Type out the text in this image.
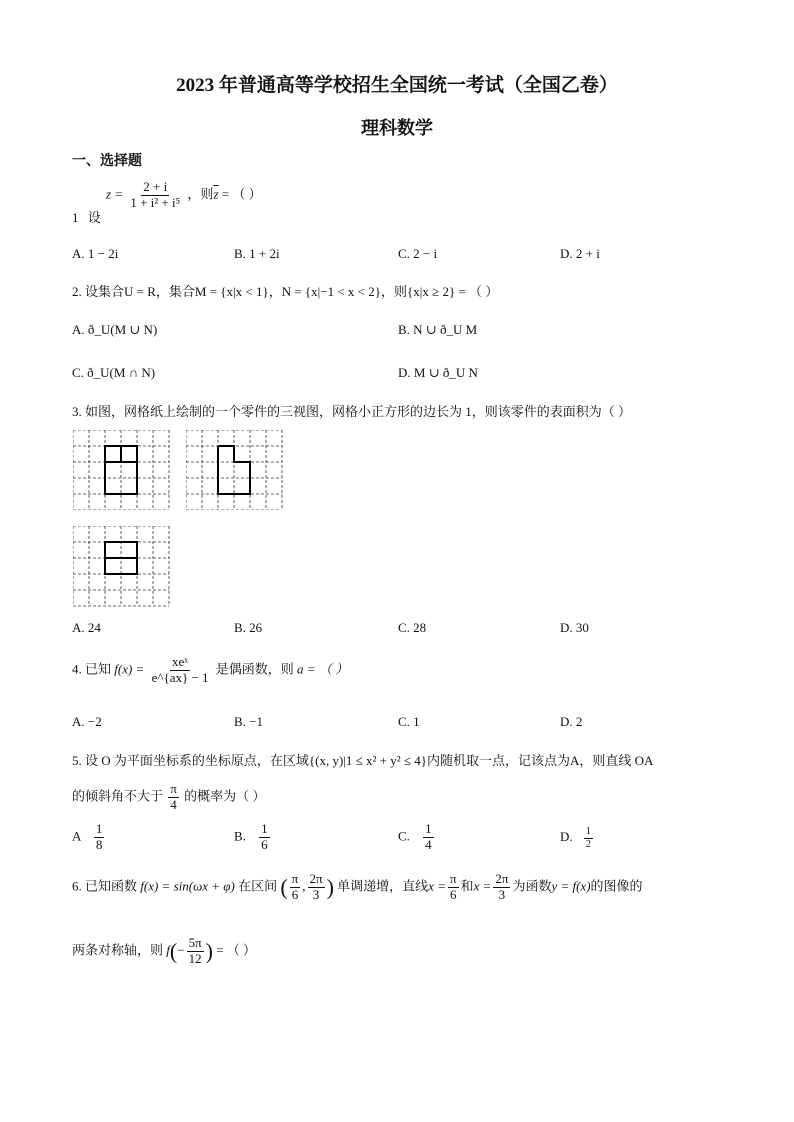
2023 年普通高等学校招生全国统一考试（全国乙卷）
理科数学
一、选择题
1 设
$z = \frac{2 + i}{\text{1 + i² + i⁵}}$ ，则$\overline{z}$ = （ ）
A. 1 − 2i	B. 1 + 2i	C. 2 − i	D. 2 + i
2. 设集合U = R，集合M = {x|x < 1}，N = {x|−1 < x < 2}，则{x|x ≥ 2} = （ ）
A. ð_U(M ∪ N)	B. N ∪ ð_U M
C. ð_U(M ∩ N)	D. M ∪ ð_U N
3. 如图，网格纸上绘制的一个零件的三视图，网格小正方形的边长为 1，则该零件的表面积为（ ）
A. 24	B. 26	C. 28	D. 30
4. 已知 $f(x) = \frac{\text{xeˣ}}{e\^{}\{ax\} - 1}$ 是偶函数，则 a = （ ）
A. −2	B. −1	C. 1	D. 2
5. 设 O 为平面坐标系的坐标原点，在区域{(x, y)|1 ≤ x² + y² ≤ 4}内随机取一点，记该点为A，则直线 OA
的倾斜角不大于 $\frac{\pi}{4}$ 的概率为（ ）
A $\frac{1}{8}$	B. $\frac{1}{6}$	C. $\frac{1}{4}$	D. $\frac{1}{2}$
6. 已知函数 f(x) = sin(ωx + φ) 在区间 ( $\frac{\pi}{6}$ , $\frac{2\pi}{3}$ ) 单调递增，直线$x = \frac{\pi}{6}$ 和$x = \frac{2\pi}{3}$ 为函数y = f(x)的图像的
两条对称轴，则 $f(- \frac{5\pi}{12}$ ) = （ ）
